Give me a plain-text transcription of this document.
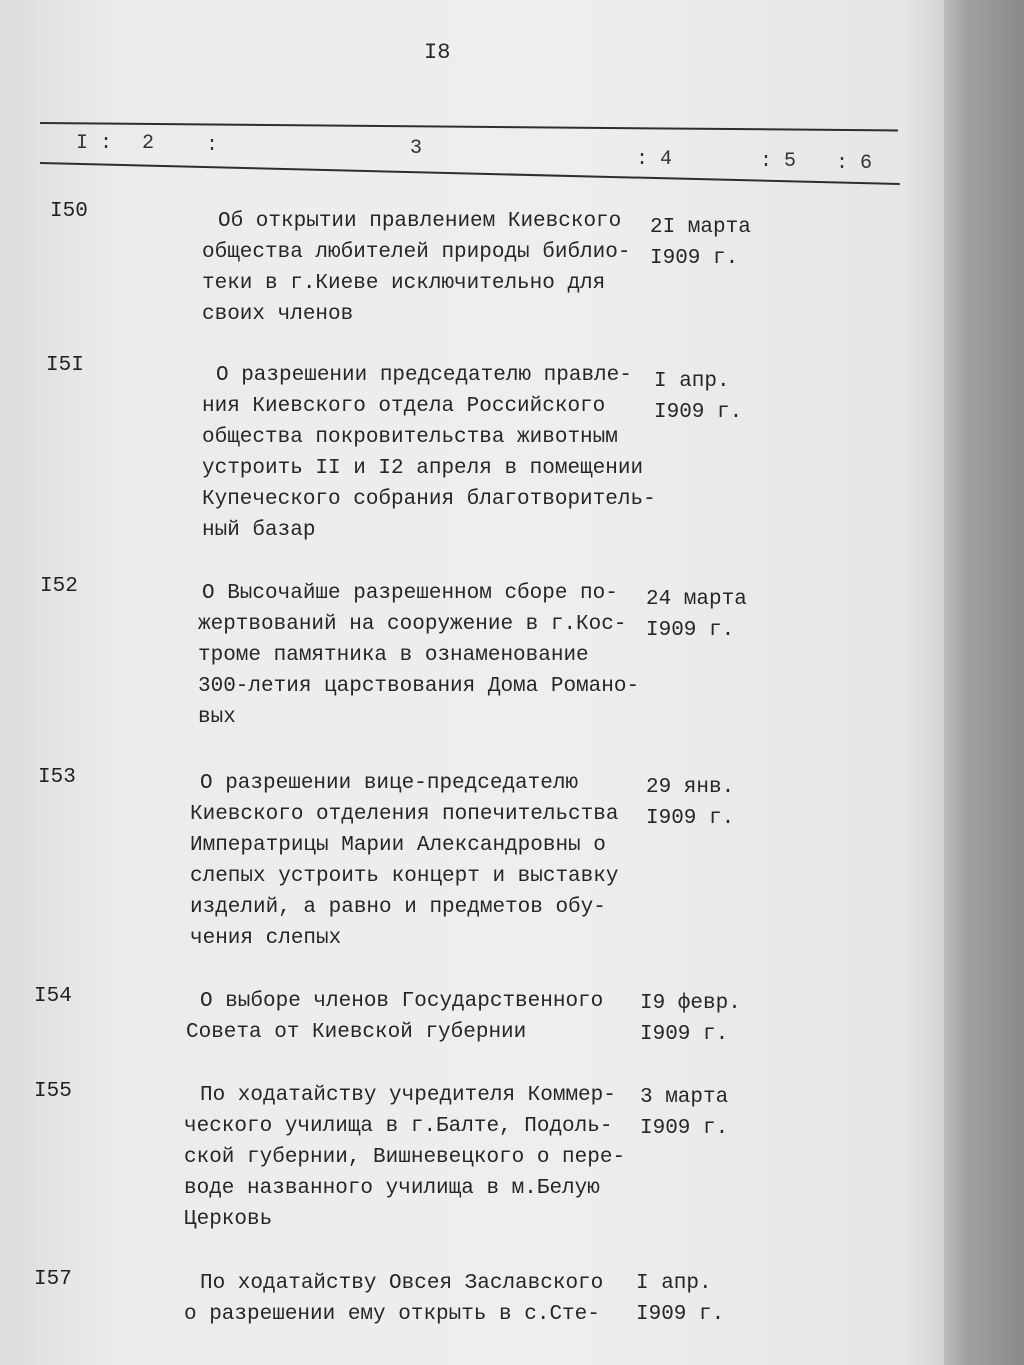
I8
I : 2	:	3	: 4	: 5 : 6
I50	Об открытии правлением Киевского
общества любителей природы библио-
теки в г.Киеве исключительно для
своих членов
2I марта
I909 г.
I5I	О разрешении председателю правле-
ния Киевского отдела Российского
общества покровительства животным
устроить II и I2 апреля в помещении
Купеческого собрания благотворитель-
ный базар
I апр.
I909 г.
I52	О Высочайше разрешенном сборе по-
жертвований на сооружение в г.Кос-
троме памятника в ознаменование
300-летия царствования Дома Романо-
вых
24 марта
I909 г.
I53	О разрешении вице-председателю
Киевского отделения попечительства
Императрицы Марии Александровны о
слепых устроить концерт и выставку
изделий, а равно и предметов обу-
чения слепых
29 янв.
I909 г.
I54	О выборе членов Государственного
Совета от Киевской губернии
I9 февр.
I909 г.
I55	По ходатайству учредителя Коммер-
ческого училища в г.Балте, Подоль-
ской губернии, Вишневецкого о пере-
воде названного училища в м.Белую
Церковь
3 марта
I909 г.
I57	По ходатайству Овсея Заславского
о разрешении ему открыть в с.Сте-
I апр.
I909 г.
